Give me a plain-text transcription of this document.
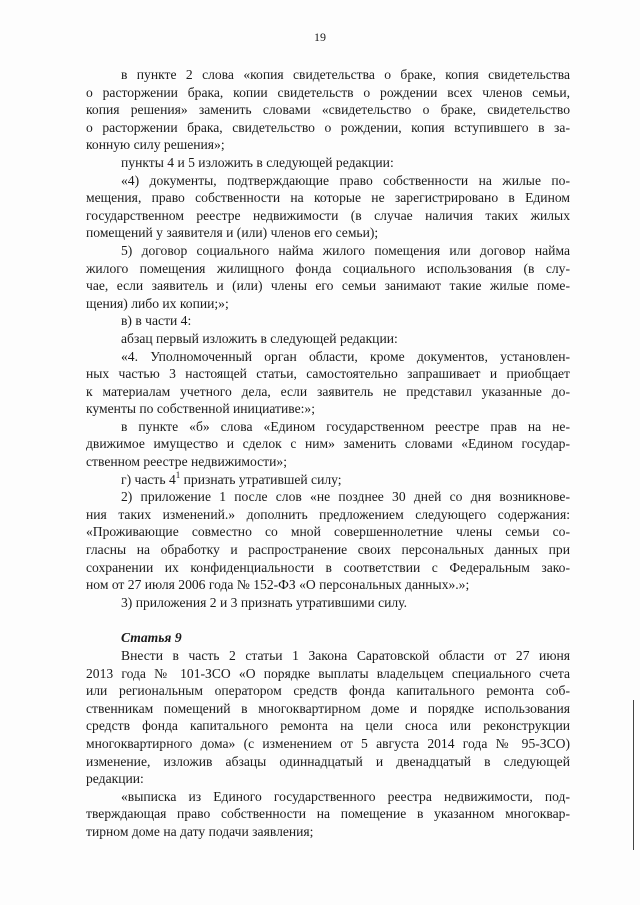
19
в пункте 2 слова «копия свидетельства о браке, копия свидетельства
о расторжении брака, копии свидетельств о рождении всех членов семьи,
копия решения» заменить словами «свидетельство о браке, свидетельство
о расторжении брака, свидетельство о рождении, копия вступившего в за-
конную силу решения»;
пункты 4 и 5 изложить в следующей редакции:
«4) документы, подтверждающие право собственности на жилые по-
мещения, право собственности на которые не зарегистрировано в Едином
государственном реестре недвижимости (в случае наличия таких жилых
помещений у заявителя и (или) членов его семьи);
5) договор социального найма жилого помещения или договор найма
жилого помещения жилищного фонда социального использования (в слу-
чае, если заявитель и (или) члены его семьи занимают такие жилые поме-
щения) либо их копии;»;
в) в части 4:
абзац первый изложить в следующей редакции:
«4. Уполномоченный орган области, кроме документов, установлен-
ных частью 3 настоящей статьи, самостоятельно запрашивает и приобщает
к материалам учетного дела, если заявитель не представил указанные до-
кументы по собственной инициативе:»;
в пункте «б» слова «Едином государственном реестре прав на не-
движимое имущество и сделок с ним» заменить словами «Едином государ-
ственном реестре недвижимости»;
г) часть $4^1$ признать утратившей силу;
2) приложение 1 после слов «не позднее 30 дней со дня возникнове-
ния таких изменений.» дополнить предложением следующего содержания:
«Проживающие совместно со мной совершеннолетние члены семьи со-
гласны на обработку и распространение своих персональных данных при
сохранении их конфиденциальности в соответствии с Федеральным зако-
ном от 27 июля 2006 года № 152-ФЗ «О персональных данных».»;
3) приложения 2 и 3 признать утратившими силу.
Статья 9
Внести в часть 2 статьи 1 Закона Саратовской области от 27 июня
2013 года № 101-ЗСО «О порядке выплаты владельцем специального счета
или региональным оператором средств фонда капитального ремонта соб-
ственникам помещений в многоквартирном доме и порядке использования
средств фонда капитального ремонта на цели сноса или реконструкции
многоквартирного дома» (с изменением от 5 августа 2014 года № 95-ЗСО)
изменение, изложив абзацы одиннадцатый и двенадцатый в следующей
редакции:
«выписка из Единого государственного реестра недвижимости, под-
тверждающая право собственности на помещение в указанном многоквар-
тирном доме на дату подачи заявления;
